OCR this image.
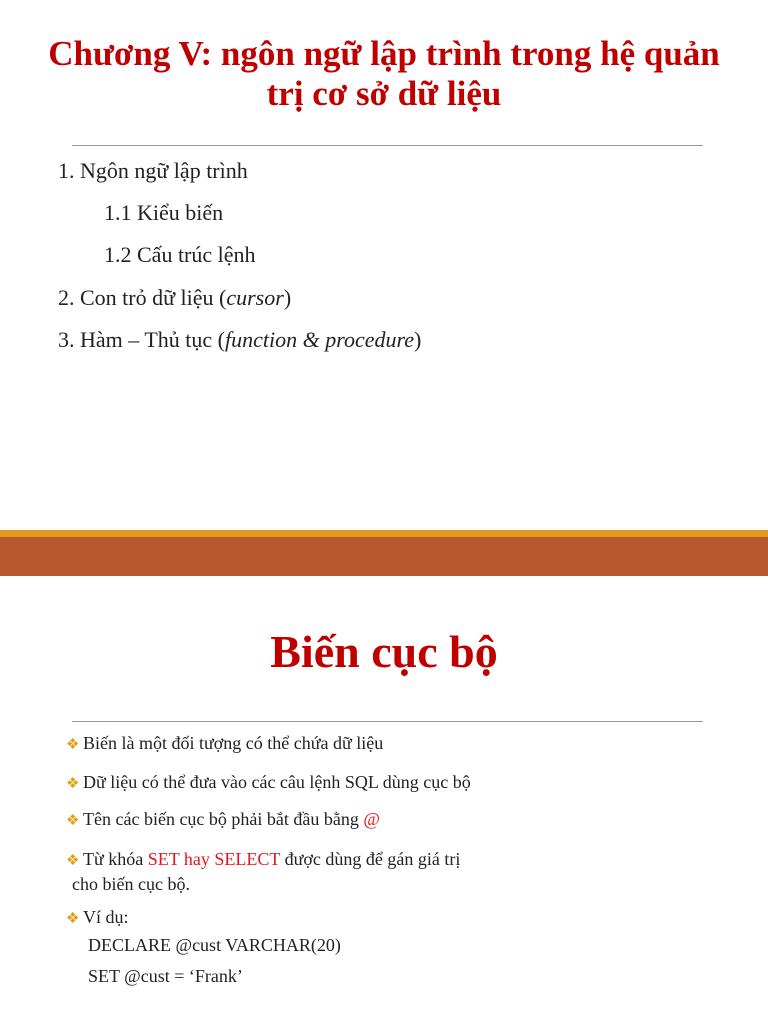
Chương V: ngôn ngữ lập trình trong hệ quản
trị cơ sở dữ liệu
1. Ngôn ngữ lập trình
1.1 Kiểu biến
1.2 Cấu trúc lệnh
2. Con trỏ dữ liệu (cursor)
3. Hàm – Thủ tục (function & procedure)
Biến cục bộ
❖ Biến là một đối tượng có thể chứa dữ liệu
❖ Dữ liệu có thể đưa vào các câu lệnh SQL dùng cục bộ
❖ Tên các biến cục bộ phải bắt đầu bằng @
❖ Từ khóa SET hay SELECT được dùng để gán giá trị
cho biến cục bộ.
❖ Ví dụ:

DECLARE @cust VARCHAR(20)

SET @cust = ‘Frank’
